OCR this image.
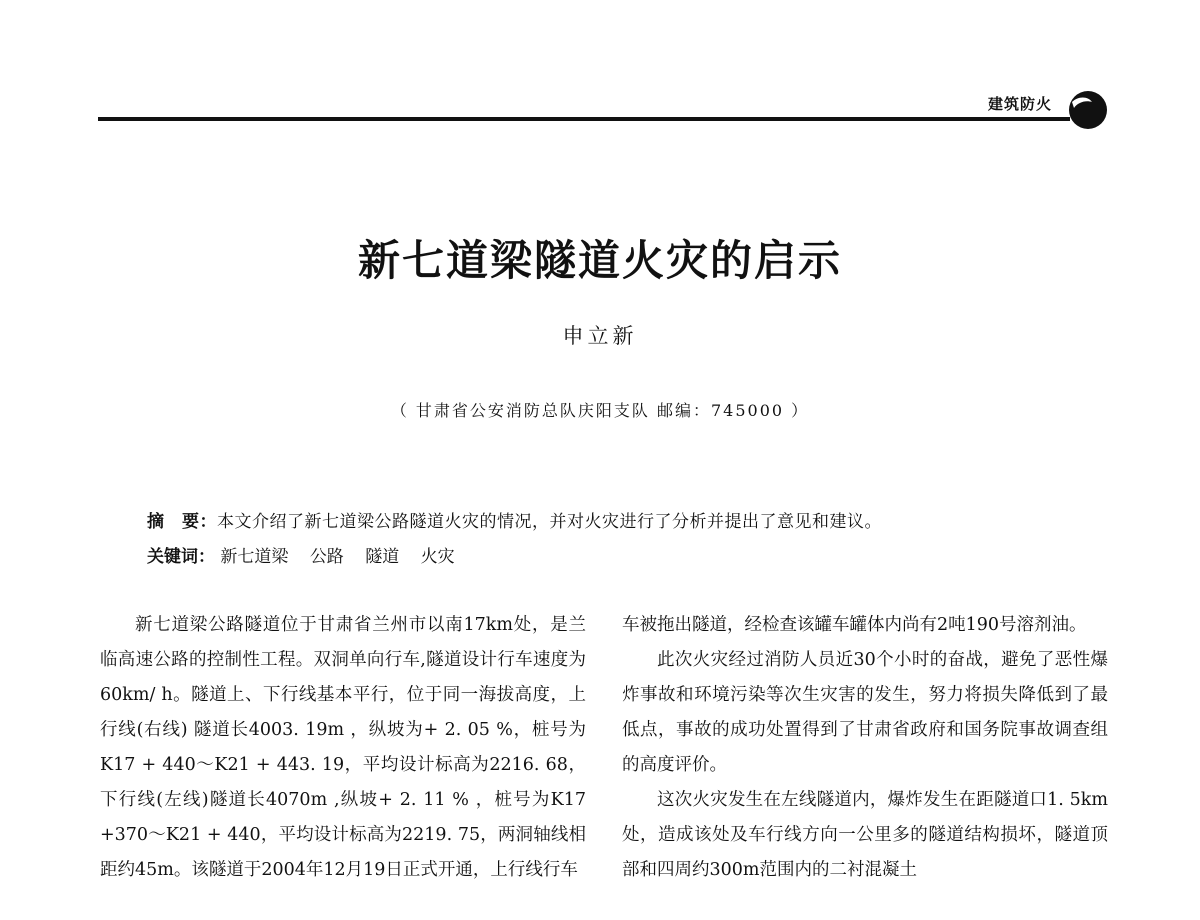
建筑防火
新七道梁隧道火灾的启示
申立新
（ 甘肃省公安消防总队庆阳支队 邮编：745000 ）
摘　要：本文介绍了新七道梁公路隧道火灾的情况，并对火灾进行了分析并提出了意见和建议。
关键词： 新七道梁 公路 隧道 火灾

新七道梁公路隧道位于甘肃省兰州市以南17km处，是兰临高速公路的控制性工程。双洞单向行车,隧道设计行车速度为60km/ h。隧道上、下行线基本平行，位于同一海拔高度，上行线(右线) 隧道长4003. 19m ，纵坡为+ 2. 05 %，桩号为K17 + 440～K21 + 443. 19，平均设计标高为2216. 68，下行线(左线)隧道长4070m ,纵坡+ 2. 11 % ，桩号为K17 +370～K21 + 440，平均设计标高为2219. 75，两洞轴线相距约45m。该隧道于2004年12月19日正式开通，上行线行车

车被拖出隧道，经检查该罐车罐体内尚有2吨190号溶剂油。

此次火灾经过消防人员近30个小时的奋战，避免了恶性爆炸事故和环境污染等次生灾害的发生，努力将损失降低到了最低点，事故的成功处置得到了甘肃省政府和国务院事故调查组的高度评价。

这次火灾发生在左线隧道内，爆炸发生在距隧道口1. 5km处，造成该处及车行线方向一公里多的隧道结构损坏，隧道顶部和四周约300m范围内的二衬混凝土
